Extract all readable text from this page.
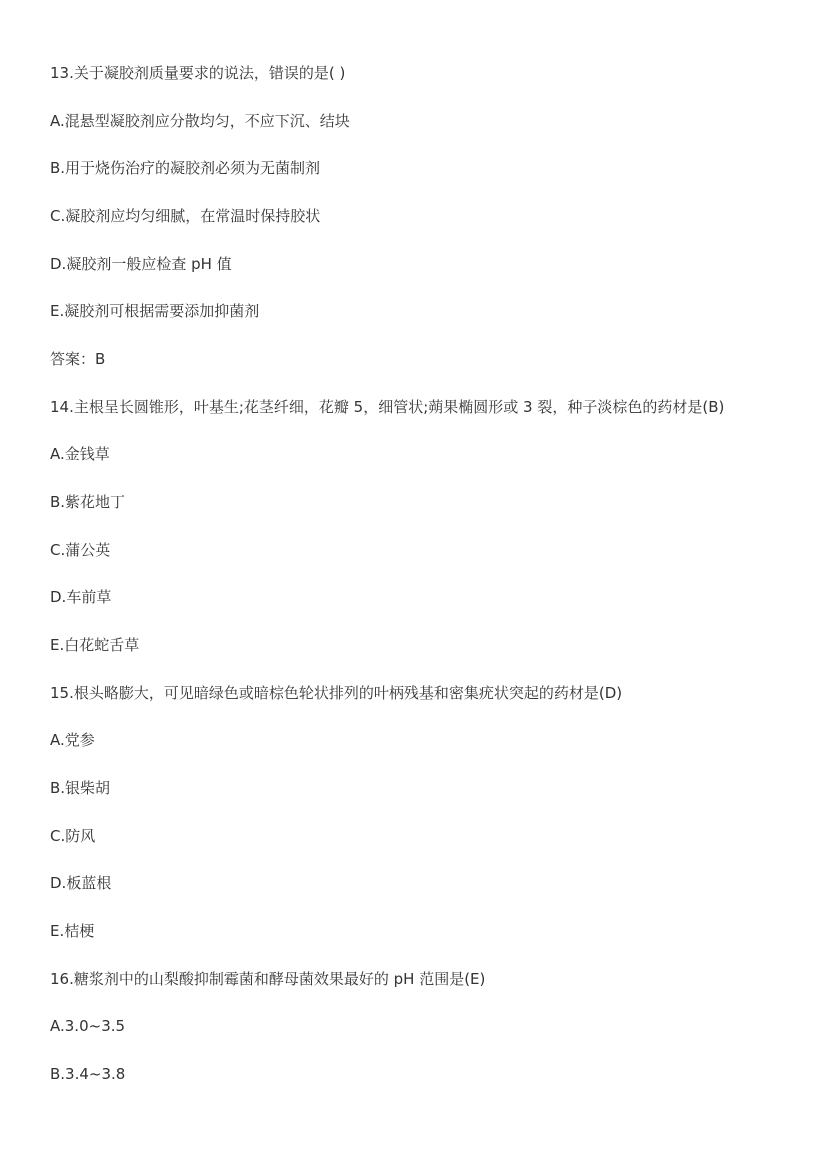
13.关于凝胶剂质量要求的说法，错误的是( )
A.混悬型凝胶剂应分散均匀，不应下沉、结块
B.用于烧伤治疗的凝胶剂必须为无菌制剂
C.凝胶剂应均匀细腻，在常温时保持胶状
D.凝胶剂一般应检查 pH 值
E.凝胶剂可根据需要添加抑菌剂
答案：B
14.主根呈长圆锥形，叶基生;花茎纤细，花瓣 5，细管状;蒴果椭圆形或 3 裂，种子淡棕色的药材是(B)
A.金钱草
B.紫花地丁
C.蒲公英
D.车前草
E.白花蛇舌草
15.根头略膨大，可见暗绿色或暗棕色轮状排列的叶柄残基和密集疣状突起的药材是(D)
A.党参
B.银柴胡
C.防风
D.板蓝根
E.桔梗
16.糖浆剂中的山梨酸抑制霉菌和酵母菌效果最好的 pH 范围是(E)
A.3.0~3.5
B.3.4~3.8
